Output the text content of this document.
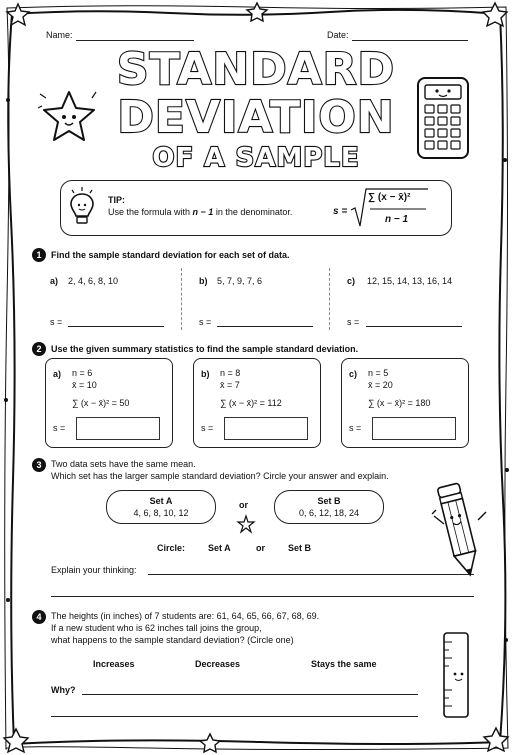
Name:	Date:
STANDARD
DEVIATION
OF A SAMPLE
TIP:
Use the formula with n − 1 in the denominator.	s =
∑ (x − x̄)²
n − 1
1	Find the sample standard deviation for each set of data.
a) 2, 4, 6, 8, 10
s =
b) 5, 7, 9, 7, 6
s =
c) 12, 15, 14, 13, 16, 14
s =
2	Use the given summary statistics to find the sample standard deviation.
a) n = 6
x̄ = 10
∑ (x − x̄)² = 50
s =
b) n = 8
x̄ = 7
∑ (x − x̄)² = 112
s =
c) n = 5
x̄ = 20
∑ (x − x̄)² = 180
s =
3	Two data sets have the same mean.
Which set has the larger sample standard deviation? Circle your answer and explain.
Set A
4, 6, 8, 10, 12
or	Set B
0, 6, 12, 18, 24
Circle:	Set A	or	Set B
Explain your thinking:
4	The heights (in inches) of 7 students are: 61, 64, 65, 66, 67, 68, 69.
If a new student who is 62 inches tall joins the group,
what happens to the sample standard deviation? (Circle one)
Increases	Decreases	Stays the same
Why?
